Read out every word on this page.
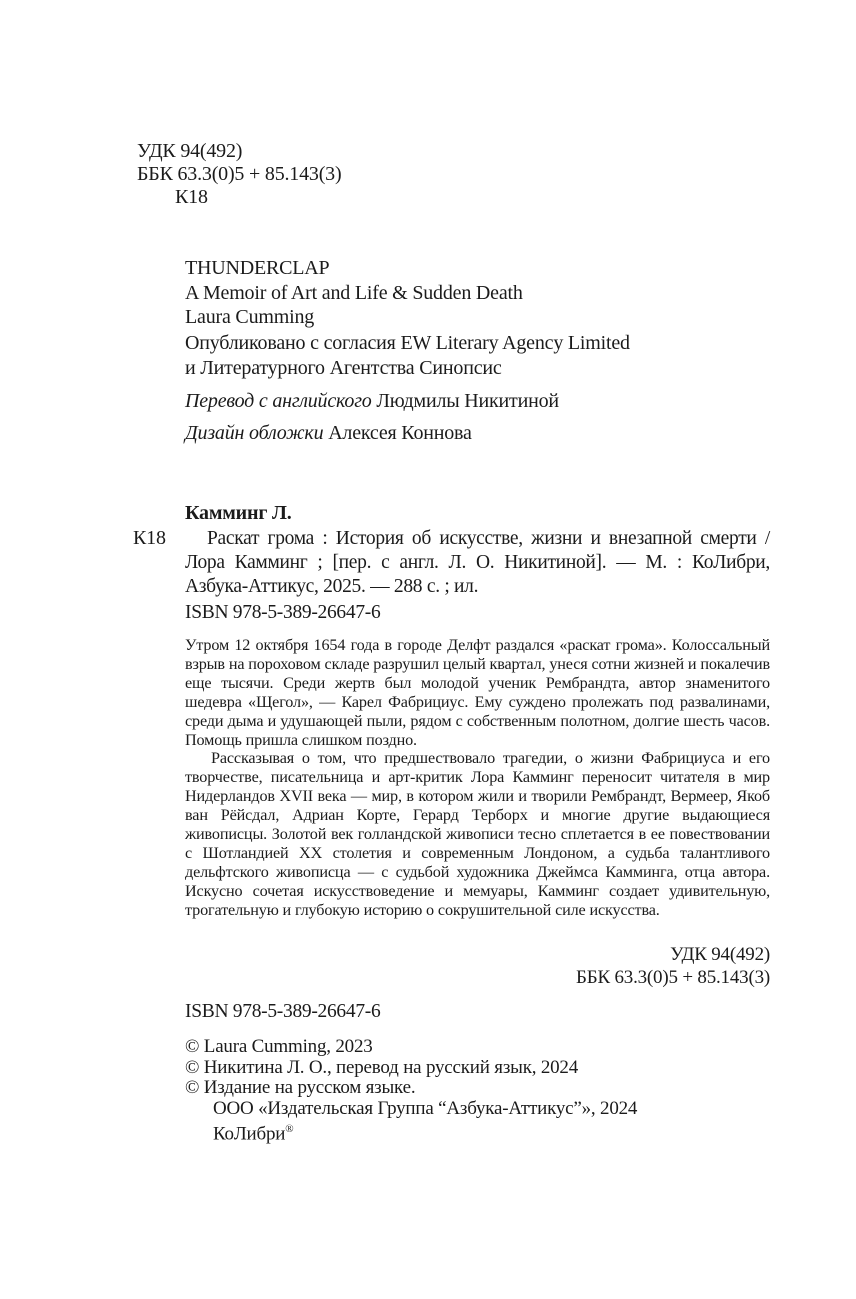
УДК 94(492)
ББК 63.3(0)5 + 85.143(3)
К18
THUNDERCLAP
A Memoir of Art and Life & Sudden Death
Laura Cumming
Опубликовано с согласия EW Literary Agency Limited
и Литературного Агентства Синопсис
Перевод с английского Людмилы Никитиной
Дизайн обложки Алексея Коннова
Камминг Л.
К18	Раскат грома : История об искусстве, жизни и внезапной смерти / Лора Камминг ; [пер. с англ. Л. О. Никитиной]. — М. : КоЛибри, Азбука-Аттикус, 2025. — 288 с. ; ил.
ISBN 978-5-389-26647-6

Утром 12 октября 1654 года в городе Делфт раздался «раскат грома». Колоссальный взрыв на пороховом складе разрушил целый квартал, унеся сотни жизней и покалечив еще тысячи. Среди жертв был молодой ученик Рембрандта, автор знаменитого шедевра «Щегол», — Карел Фабрициус. Ему суждено пролежать под развалинами, среди дыма и удушающей пыли, рядом с собственным полотном, долгие шесть часов. Помощь пришла слишком поздно.

Рассказывая о том, что предшествовало трагедии, о жизни Фабрициуса и его творчестве, писательница и арт-критик Лора Камминг переносит читателя в мир Нидерландов XVII века — мир, в котором жили и творили Рембрандт, Вермеер, Якоб ван Рёйсдал, Адриан Корте, Герард Терборх и многие другие выдающиеся живописцы. Золотой век голландской живописи тесно сплетается в ее повествовании с Шотландией XX столетия и современным Лондоном, а судьба талантливого дельфтского живописца — с судьбой художника Джеймса Камминга, отца автора. Искусно сочетая искусствоведение и мемуары, Камминг создает удивительную, трогательную и глубокую историю о сокрушительной силе искусства.

УДК 94(492)
ББК 63.3(0)5 + 85.143(3)
ISBN 978-5-389-26647-6
© Laura Cumming, 2023
© Никитина Л. О., перевод на русский язык, 2024
© Издание на русском языке.
ООО «Издательская Группа “Азбука-Аттикус”», 2024
КоЛибри®
